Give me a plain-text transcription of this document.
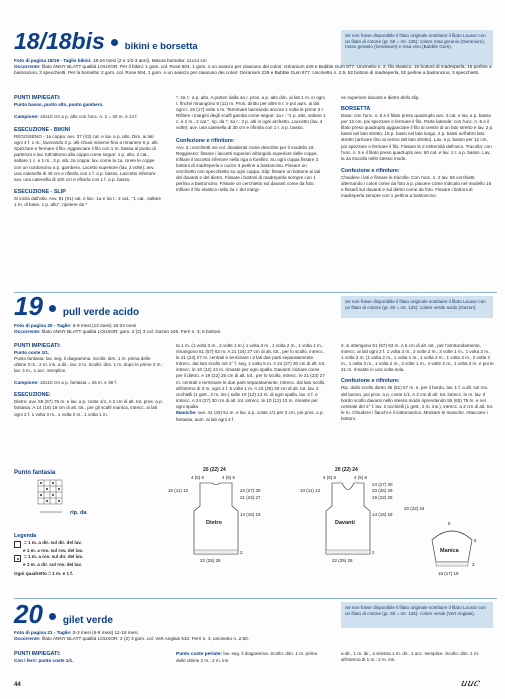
18/18bis bikini e borsetta
Se non fosse disponibile il filato originale sostituire il filato Louxor con un filato di cotone (gr. 50 = mt. 125): colore rosa geranio (Geranium), rosso geranio (Geranium) e rosa vivo (Bubble Gum).
Foto di pagina 18/19 - Taglie bikini: 18-24 mesi (2 e 1/2-3 anni). Misura borsetta: 11x14 cm
Occorrente: filato ANNY BLATT qualità LOUXOR. Per il bikini: 1 gom. col. Rose 504, 1 gom. o un avanzo per ciascuno dei colori: Géranium 229 e Bubble Gum 877. Uncinetto n. 2, filo elastico, 15 bottoni di madreperla, 15 perline a bastoncino, 3 specchietti. Per la borsetta: 2 gom. col. Rose 504, 1 gom. o un avanzo per ciascuno dei colori: Géranium 229 e Bubble Gum 877. Uncinetto n. 2,5, 52 bottoni di madreperla, 52 perline a bastoncino, 3 specchietti.
PUNTI IMPIEGATI:
Punto basso, punto alto, punto gambero.
Campione: 10x10 cm a p. alto con l'unc. n. 2 = 30 m. e 14 f.
ESECUZIONE - BIKINI
REGGISENO - 1a coppa: avv. 37 (43) cat. e lav. a p. alto. Dim. ai lati ogni 4 f. 1 m., lavorando 2 p. alti chiusi insieme fino a rimanere 5 p. alti. Spezzare e fermare il filo. Agganciare il filo con 1 m. bassa al punto di partenza e lav. tutt'attorno alla coppa come segue: 1 p. alto, 2 cat., saltare 1 c. e 1 m., 3 p. alti. 2a coppa: lav. come la 1a. Unire le coppe con un cordoncino a p. gambero. Lacetto superiore (lav. 2 volte): avv. una catenella di 45 cm e rifinirla con 1 f. a p. basso. Laccetto inferiore: avv. una catenella di 100 cm e rifinirla con 1 f. a p. basso.
ESECUZIONE - SLIP
Si inizia dall'alto. Avv. 81 (91) cat. e lav.: 1a e 3a r.: 3 cat., "1 cat., saltare 1 m. di base, 1 p. alto", ripetere da *
*; 2a r.: a p. alto. A partire dalla 4a r. pros. a p. alto dim. ai lati 1 m. in ogni r. finché rimangono 9 (11) m. Pros. diritto per altre 6 r. e poi aum. ai lati ogni r. 15 (17) volte 1 m. Terminare lavorando ancora 1 volta le prime 3 r. Rifinire i margini degli scalfi gamba come segue: 1a r.: *1 p. alto, saltare 1 c. e 1 m., 2 cat.", rip. da *; 2a r.: 2 p. alti in ogni archetto. Laccetto (lav. 4 volte): avv. una catenella di 30 cm e rifinirla con 1 r. a p. basso.
Confezione e rifiniture:
Avv. 3 i cerchietti nei col. desiderati come descritto per il modello 16. Reggiseno: fissare i laccetti superiori all'angolo superiore delle coppe. Infilare il laccetto inferiore nella riga a forellini. Su ogni coppa fissare 3 bottoni di madreperla e cucire 3 perline a bastoncino. Fissare un cerchietto con specchietto su ogni coppa. Slip: fissare un bottone ai lati del davanti e del dietro. Fissare i bottoni di madreperla sempre con 1 perlina a bastoncino. Fissare un cerchietto sul davanti come da foto. Infilare il filo elastico nella 2a r. del margi-
ne superiore davanti e dietro dello slip.
BORSETTA
Base: con l'unc. n. 5 e il filato preso quadruplo avv. 4 cat. e lav. a p. basso per 12 cm, poi spezzare e fermare il filo. Parte laterale: con l'unc. n. 5 e il filato preso quadruplo agganciare il filo al centro di un lato stretto e lav. 2 p. bassi nel lato stretto, 15 p. bassi nel lato lungo, 2 p. bassi nell'altro lato stretto (arrivare fino al centro del lato stretto). Lav. a p. basso per 12 cm, poi spezzare e fermare il filo. Fissare le 2 estremità dell'arco. Tracolla: con l'unc. n. 5 e il filato preso quadruplo avv. 60 cat. e lav. 1 r. a p. basso. Lav. la 2a tracolla nello stesso modo.
Confezione e rifiniture:
Chiudere i lati e fissare le tracolle. Con l'unc. n. 2 lav. 59 cerchietti alternando i colori come da foto a p. piacere come indicato nel modello 16 e fissarli sul davanti e sul dietro come da foto. Fissare i bottoni di madreperla sempre con 1 perlina a bastoncino.
19 pull verde acido
Se non fosse disponibile il filato originale sostituire il filato Louxor con un filato di cotone (gr. 50 = mt. 125): colore verde acido (Gazon).
Foto di pagina 20 - Taglie: 6-9 mesi (12 mesi) 18-24 mesi
Occorrente: filato ANNY BLATT qualità LOUXOR: gom. 2 (2) 3 col. Gazon 246. Ferri n. 3; 6 bottoni.
PUNTI IMPIEGATI:
Punto coste 1/1.
Punto fantasia: lav. seg. il diagramma. Scollo: dim. 1 m. prima delle ultime 3 m.: 2 m. ins. a dir., lav. 3 m. Scollo: dim. 1 m. dopo le prime 3 m.: lav. 3 m., 1 acc. semplice.
Campione: 10x10 cm a p. fantasia = 26 m. e 38 f.
ESECUZIONE:
Dietro: avv. 59 (67) 75 m. e lav. a p. coste 1/1. A 2 cm di alt. tot. pros. a p. fantasia. A 14 (16) 18 cm di alt. tot., per gli scalfi manica, intrecc. ai lati ogni 2 f. 1 volta 3 m., 1 volta 2 m., 1 volta 1 m.
ta 1 m. (1 volta 3 m., 2 volte 1 m.) 1 volta 3 m., 1 volta 2 m., 1 volta 1 m., rimangono 51 (57) 63 m. A 21 (24) 27 cm di alt. tot., per lo scollo, intrecc. le 21 (23) 27 m. centrali e terminare i 2 lati due parti separatamente. Intrecc. dal lato scollo nel 2° f. seg. 1 volta 5 m. A 24 (27) 30 cm di alt. tot. intrecc. le 10 (12) 13 m. rimaste per ogni spalla. Davanti: iniziare come per il dietro. A 19 (22) 25 cm di alt. tot., per lo scollo, intrecc. le 21 (23) 27 m. centrali e terminare le due parti separatamente. Intrecc. dal lato scollo, all'interno di 3 m. ogni 2 f. 5 volte 1 m. A 23 (26) 29 cm di alt. tot. lav. 2 occhielli (1 gett., 2 m. ins.) sulle 10 (12) 13 m. di ogni spalla, lav. 2 f. e intrecc. A 24 (27) 30 cm di alt. tot. intrecc. le 10 (12) 13 m. rimaste per ogni spalla.
Maniche: avv. 41 (43) 51 m. e lav. a p. coste 1/1 per 2 cm, poi pros. a p. fantasia, aum. ai lati ogni 4 f.
2, si ottengono 51 (57) 63 m. A 5 cm di alt. tot., per l'arrotondamento, intrecc. ai lati ogni 2 f. 1 volta 3 m., 2 volte 2 m., 3 volte 1 m., 1 volta 2 m., 1 volta 3 m. (1 volta 2 m., 1 volta 1 m., 1 volta 2 m., 1 volta 3 m., 2 volte 2 m., 1 volta 3 m., 1 volta 2 m., 3 volte 1 m., 4 volte 2 m., 1 volta 3 m. e poi le 21 m. rimaste in una volta sola.
Confezione e rifiniture:
Rip. dallo scollo dietro 45 (51) 57 m. e, per il bordo, lav. 1 f. a dir. sul rov. del lavoro, poi pros. a p. coste 1/1. A 2 cm di alt. tot. intrecc. le m. lav. Il bordo scollo davanti nello stesso modo riprendendo 55 (65) 75 m. e nel centrale del 2° f. lav. 2 occhielli (1 gett., 2 m. ins.), intrecc. a 2 cm di alt. tot. le m. Chiudere i fianchi e il sottomanica. Montare le maniche. Attaccare i bottoni.
Punto fantasia
rip. da
Legenda
= 1 m. a dir. sul dir. del lav.
e 1 m. a rov. sul rov. del lav.
= 1 m. a rov. sul dir. del lav.
e 1 m. a dir. sul rov. del lav.
Ogni quadretto = 1 m. e 1 f.
20 (22) 24
4 (5) 6	4 (5) 6
10 (11) 12
Dietro
24 (27) 30
21 (24) 27
14 (16) 18
2
22 (25) 28
20 (22) 24
4 (5) 6	4 (5) 6
10 (11) 12
Davanti
24 (27) 30
23 (26) 29
19 (22) 25
14 (16) 18
2
22 (25) 28
8
Manica
5
2
16 (17) 19
20 (22) 24
20 gilet verde
Se non fosse disponibile il filato originale sostituire il filato Louxor con un filato di cotone (gr. 50 = mt. 125): colore verde (Vert Anglais).
Foto di pagina 21 - Taglie: 0-3 mesi (6-9 mesi) 12-18 mesi
Occorrente: filato ANNY BLATT qualità LOUXOR: 2 (2) 3 gom. col. Vert Anglais 510. Ferri n. 3, uncinetto n. 2,50.
PUNTI IMPIEGATI:
Con i ferri: punto coste 1/1.
Punto coste perlate: lav. seg. il diagramma. Scollo: dim. 1 m. prima delle ultime 2 m.: 2 m. ins.
a dir., 1 m. dir., a sinistra 1 m. dir., 1 acc. semplice. Scollo: dim. 1 m. all'interno di 1 m.: 2 m. ins.
44	uuc
